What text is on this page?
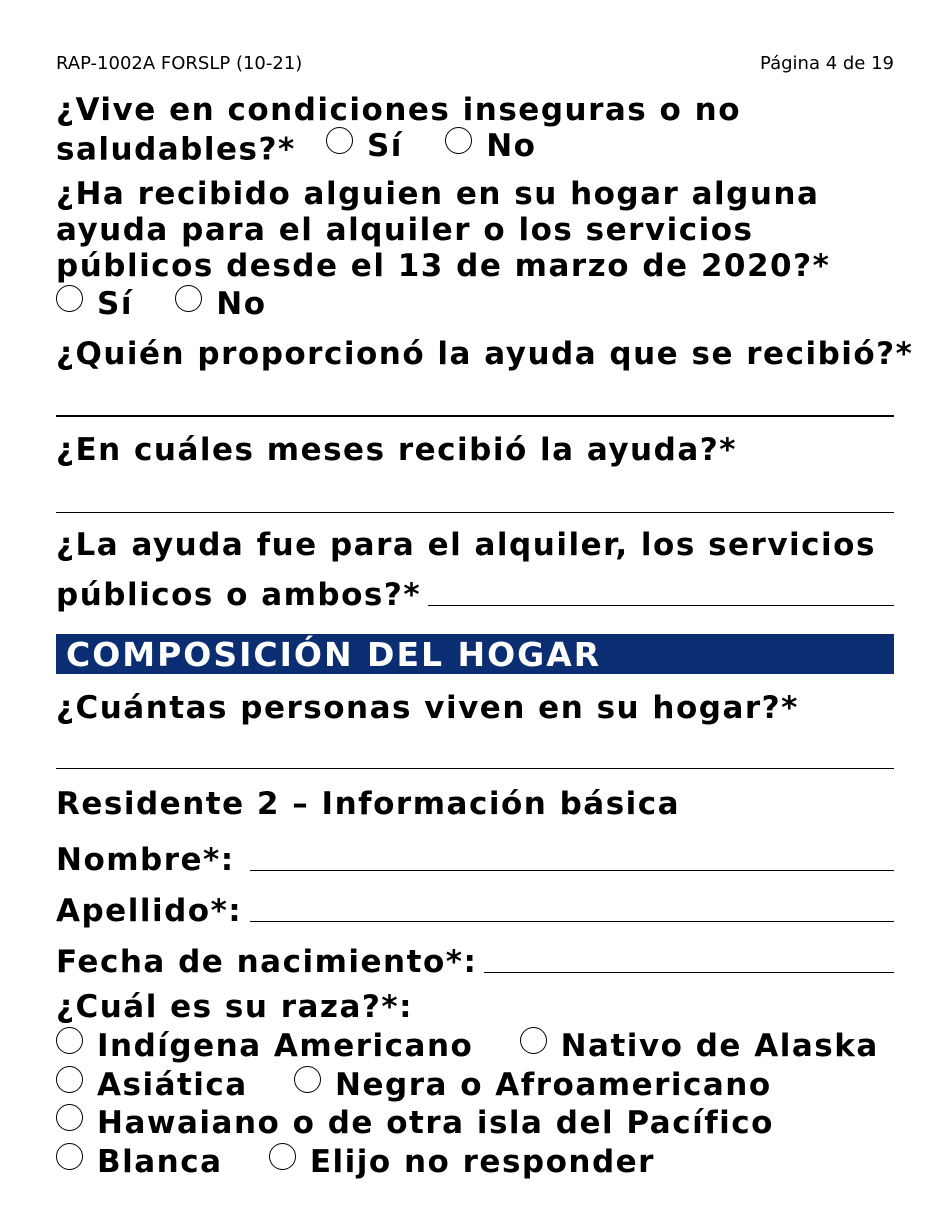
RAP-1002A FORSLP (10-21)	Página 4 de 19
¿Vive en condiciones inseguras o no
saludables?* Sí
	No
¿Ha recibido alguien en su hogar alguna
ayuda para el alquiler o los servicios
públicos desde el 13 de marzo de 2020?*
Sí
	No
¿Quién proporcionó la ayuda que se recibió?*
¿En cuáles meses recibió la ayuda?*
¿La ayuda fue para el alquiler, los servicios
públicos o ambos?*
COMPOSICIÓN DEL HOGAR
¿Cuántas personas viven en su hogar?*
Residente 2 – Información básica
Nombre*:
Apellido*:
Fecha de nacimiento*:
¿Cuál es su raza?*:
Indígena Americano
	Nativo de Alaska
Asiática
	Negra o Afroamericano
Hawaiano o de otra isla del Pacífico
Blanca
	Elijo no responder
